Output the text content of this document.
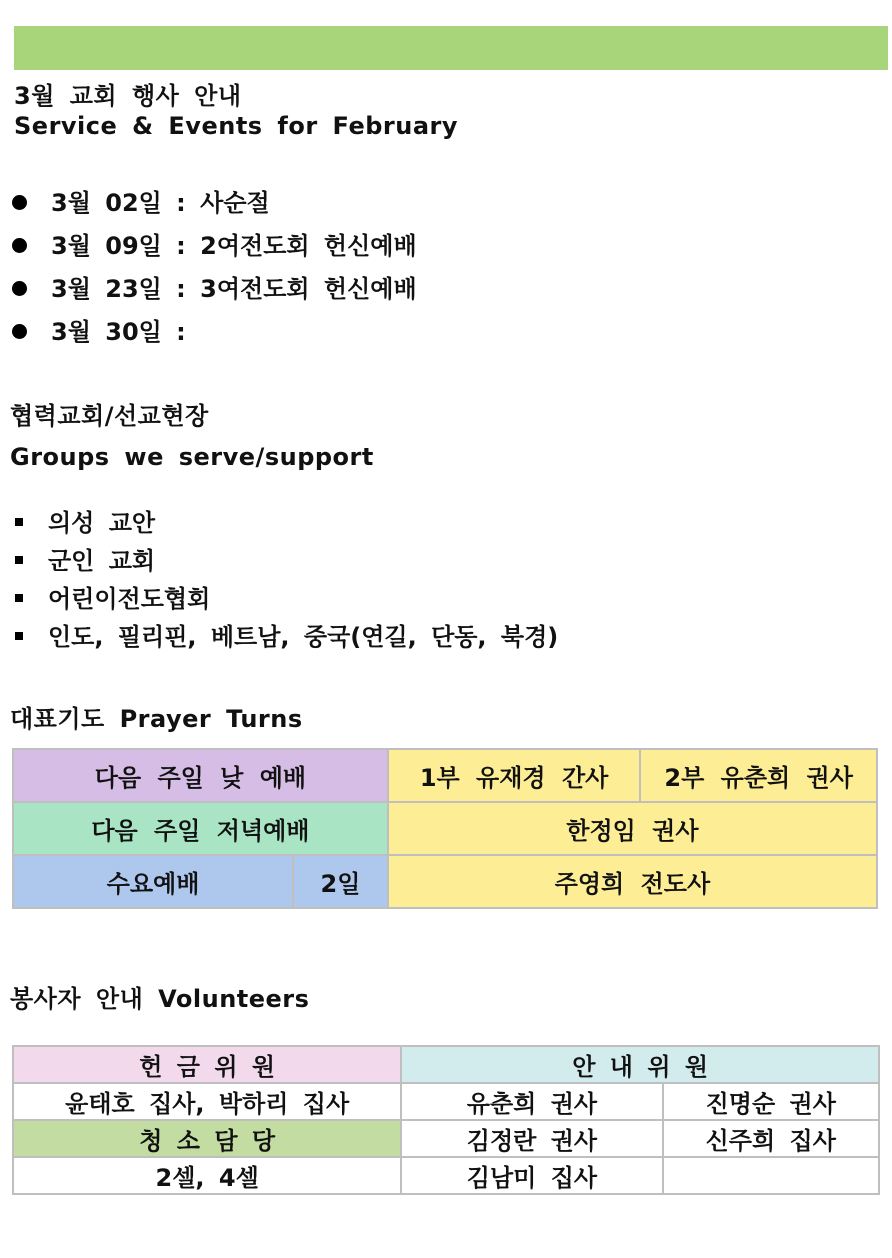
3월 교회 행사 안내
Service & Events for February
3월 02일 : 사순절
3월 09일 : 2여전도회 헌신예배
3월 23일 : 3여전도회 헌신예배
3월 30일 :
협력교회/선교현장
Groups we serve/support
의성 교안
군인 교회
어린이전도협회
인도, 필리핀, 베트남, 중국(연길, 단동, 북경)
대표기도 Prayer Turns
다음 주일 낮 예배		1부 유재경 간사	2부 유춘희 권사
다음 주일 저녁예배		한정임 권사	
수요예배	2일	주영희 전도사	
봉사자 안내 Volunteers
헌 금 위 원	안 내 위 원	
윤태호 집사, 박하리 집사	유춘희 권사	진명순 권사
청 소 담 당	김정란 권사	신주희 집사
2셀, 4셀	김남미 집사	
